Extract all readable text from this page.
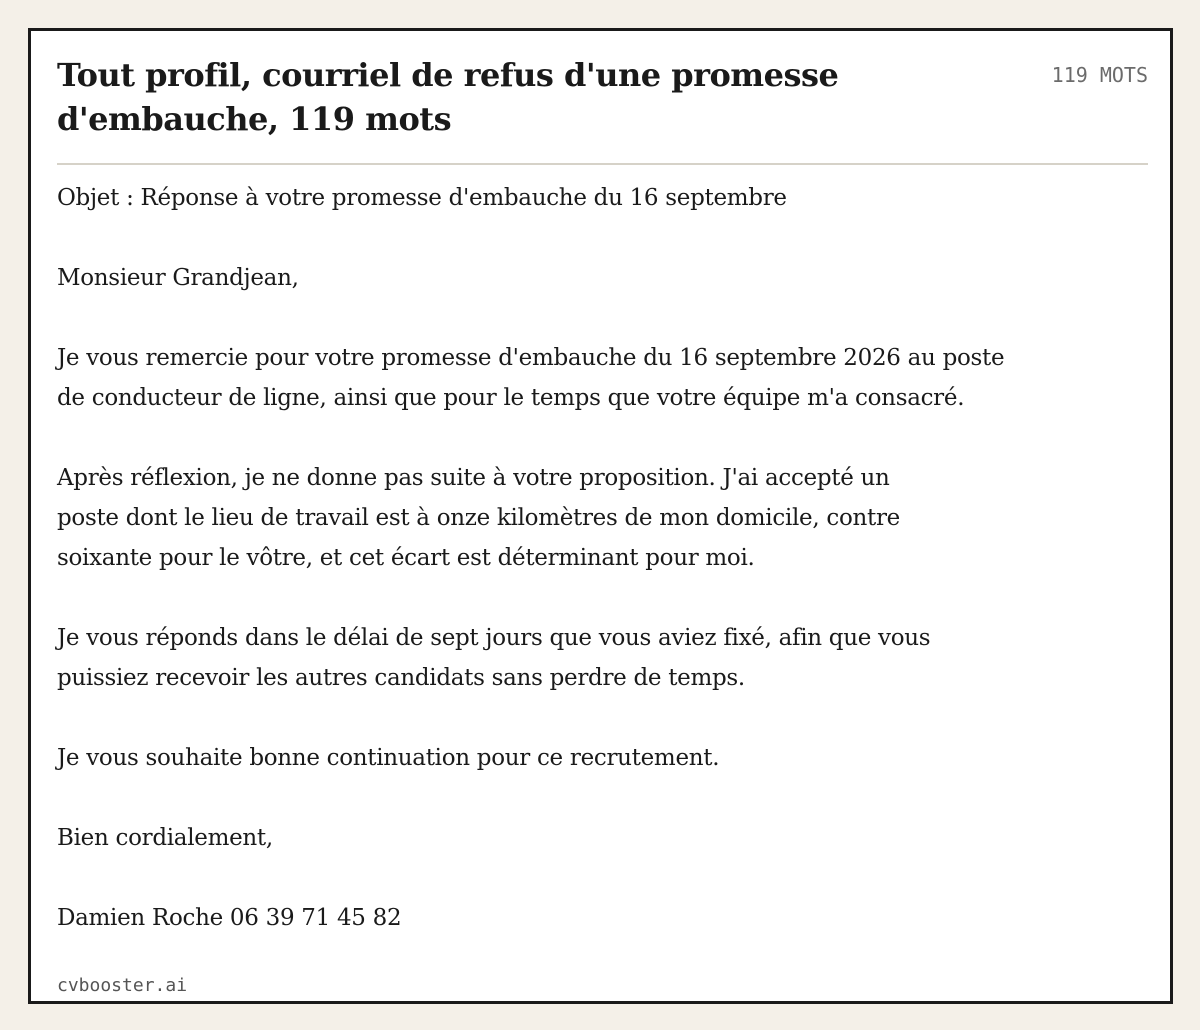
Tout profil, courriel de refus d'une promesse d'embauche, 119 mots
119 MOTS
Objet : Réponse à votre promesse d'embauche du 16 septembre
Monsieur Grandjean,
Je vous remercie pour votre promesse d'embauche du 16 septembre 2026 au poste
de conducteur de ligne, ainsi que pour le temps que votre équipe m'a consacré.
Après réflexion, je ne donne pas suite à votre proposition. J'ai accepté un
poste dont le lieu de travail est à onze kilomètres de mon domicile, contre
soixante pour le vôtre, et cet écart est déterminant pour moi.
Je vous réponds dans le délai de sept jours que vous aviez fixé, afin que vous
puissiez recevoir les autres candidats sans perdre de temps.
Je vous souhaite bonne continuation pour ce recrutement.
Bien cordialement,
Damien Roche 06 39 71 45 82
cvbooster.ai
